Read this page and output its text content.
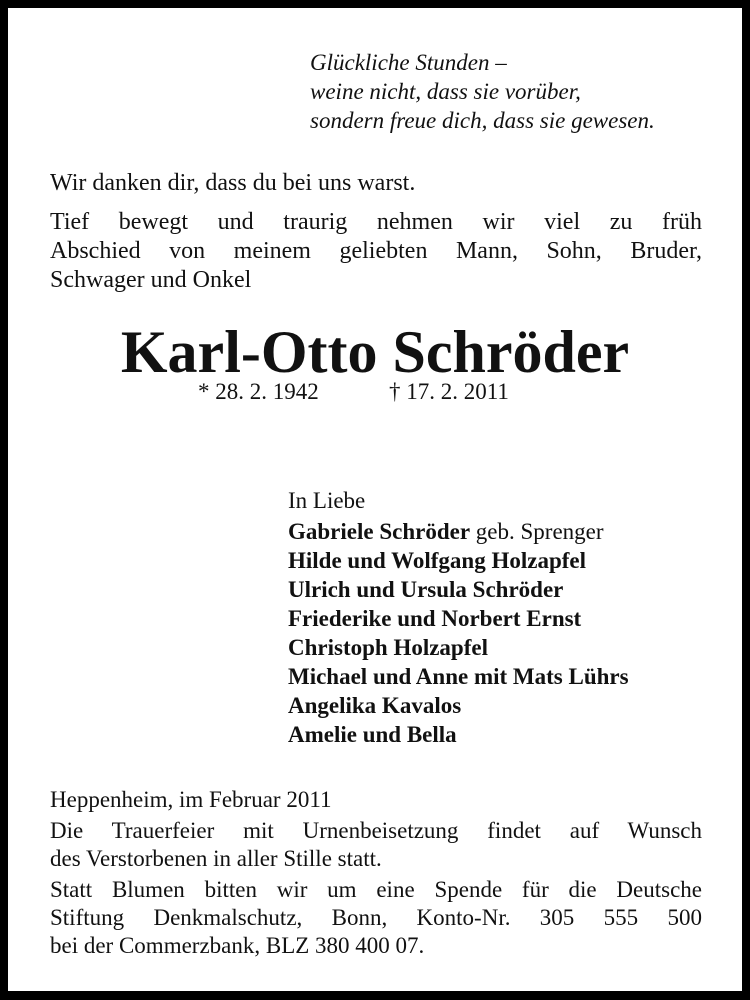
Glückliche Stunden –
weine nicht, dass sie vorüber,
sondern freue dich, dass sie gewesen.
Wir danken dir, dass du bei uns warst.
Tief bewegt und traurig nehmen wir viel zu früh
Abschied von meinem geliebten Mann, Sohn, Bruder,
Schwager und Onkel
Karl-Otto Schröder
* 28. 2. 1942	† 17. 2. 2011
In Liebe
Gabriele Schröder geb. Sprenger
Hilde und Wolfgang Holzapfel
Ulrich und Ursula Schröder
Friederike und Norbert Ernst
Christoph Holzapfel
Michael und Anne mit Mats Lührs
Angelika Kavalos
Amelie und Bella
Heppenheim, im Februar 2011
Die Trauerfeier mit Urnenbeisetzung findet auf Wunsch
des Verstorbenen in aller Stille statt.
Statt Blumen bitten wir um eine Spende für die Deutsche
Stiftung Denkmalschutz, Bonn, Konto-Nr. 305 555 500
bei der Commerzbank, BLZ 380 400 07.
